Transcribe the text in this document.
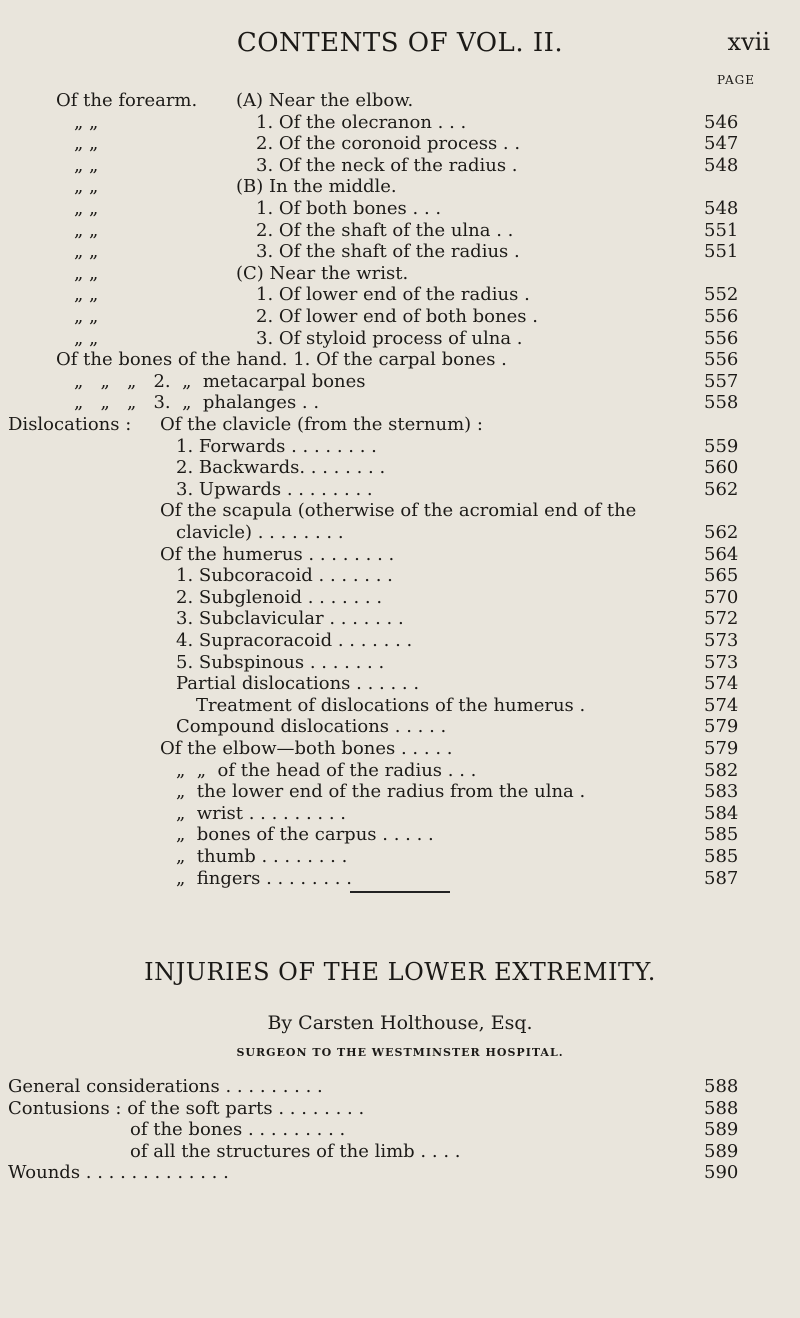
CONTENTS OF VOL. II.	xvii
PAGE
Of the forearm.	(A) Near the elbow.
„ „	1. Of the olecranon . . .	546
„ „	2. Of the coronoid process . .	547
„ „	3. Of the neck of the radius .	548
„ „	(B) In the middle.
„ „	1. Of both bones . . .	548
„ „	2. Of the shaft of the ulna . .	551
„ „	3. Of the shaft of the radius .	551
„ „	(C) Near the wrist.
„ „	1. Of lower end of the radius .	552
„ „	2. Of lower end of both bones .	556
„ „	3. Of styloid process of ulna .	556
Of the bones of the hand. 1. Of the carpal bones .	556
„   „   „   2.  „  metacarpal bones	557
„   „   „   3.  „  phalanges . .	558
Dislocations :	Of the clavicle (from the sternum) :
1. Forwards . . . . . . . .	559
2. Backwards. . . . . . . .	560
3. Upwards . . . . . . . .	562
Of the scapula (otherwise of the acromial end of the
clavicle) . . . . . . . .	562
Of the humerus . . . . . . . .	564
1. Subcoracoid . . . . . . .	565
2. Subglenoid . . . . . . .	570
3. Subclavicular . . . . . . .	572
4. Supracoracoid . . . . . . .	573
5. Subspinous . . . . . . .	573
Partial dislocations . . . . . .	574
Treatment of dislocations of the humerus .	574
Compound dislocations . . . . .	579
Of the elbow—both bones . . . . .	579
„  „  of the head of the radius . . .	582
„  the lower end of the radius from the ulna .	583
„  wrist . . . . . . . . .	584
„  bones of the carpus . . . . .	585
„  thumb . . . . . . . .	585
„  fingers . . . . . . . .	587
INJURIES OF THE LOWER EXTREMITY.
By Carsten Holthouse, Esq.
SURGEON TO THE WESTMINSTER HOSPITAL.
General considerations . . . . . . . . .	588
Contusions : of the soft parts . . . . . . . .	588
of the bones . . . . . . . . .	589
of all the structures of the limb . . . .	589
Wounds . . . . . . . . . . . . .	590
